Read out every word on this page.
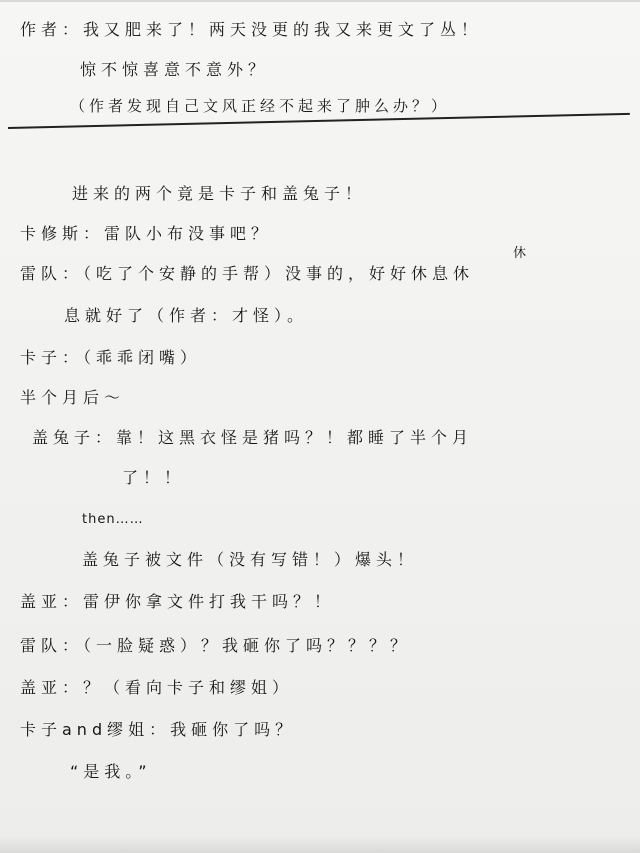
作者：我又肥来了！两天没更的我又来更文了丛！
惊不惊喜意不意外？
（作者发现自己文风正经不起来了肿么办？）
进来的两个竟是卡子和盖兔子！
卡修斯：雷队小布没事吧？
休
雷队：（吃了个安静的手帮）没事的，好好休息休
息就好了（作者：才怪）。
卡子：（乖乖闭嘴）
半个月后～
盖兔子：靠！这黑衣怪是猪吗？！都睡了半个月
了！！
then……
盖兔子被文件（没有写错！）爆头！
盖亚：雷伊你拿文件打我干吗？！
雷队：（一脸疑惑）？我砸你了吗？？？？
盖亚：？（看向卡子和缪姐）
卡子and缪姐：我砸你了吗？
“是我。”
